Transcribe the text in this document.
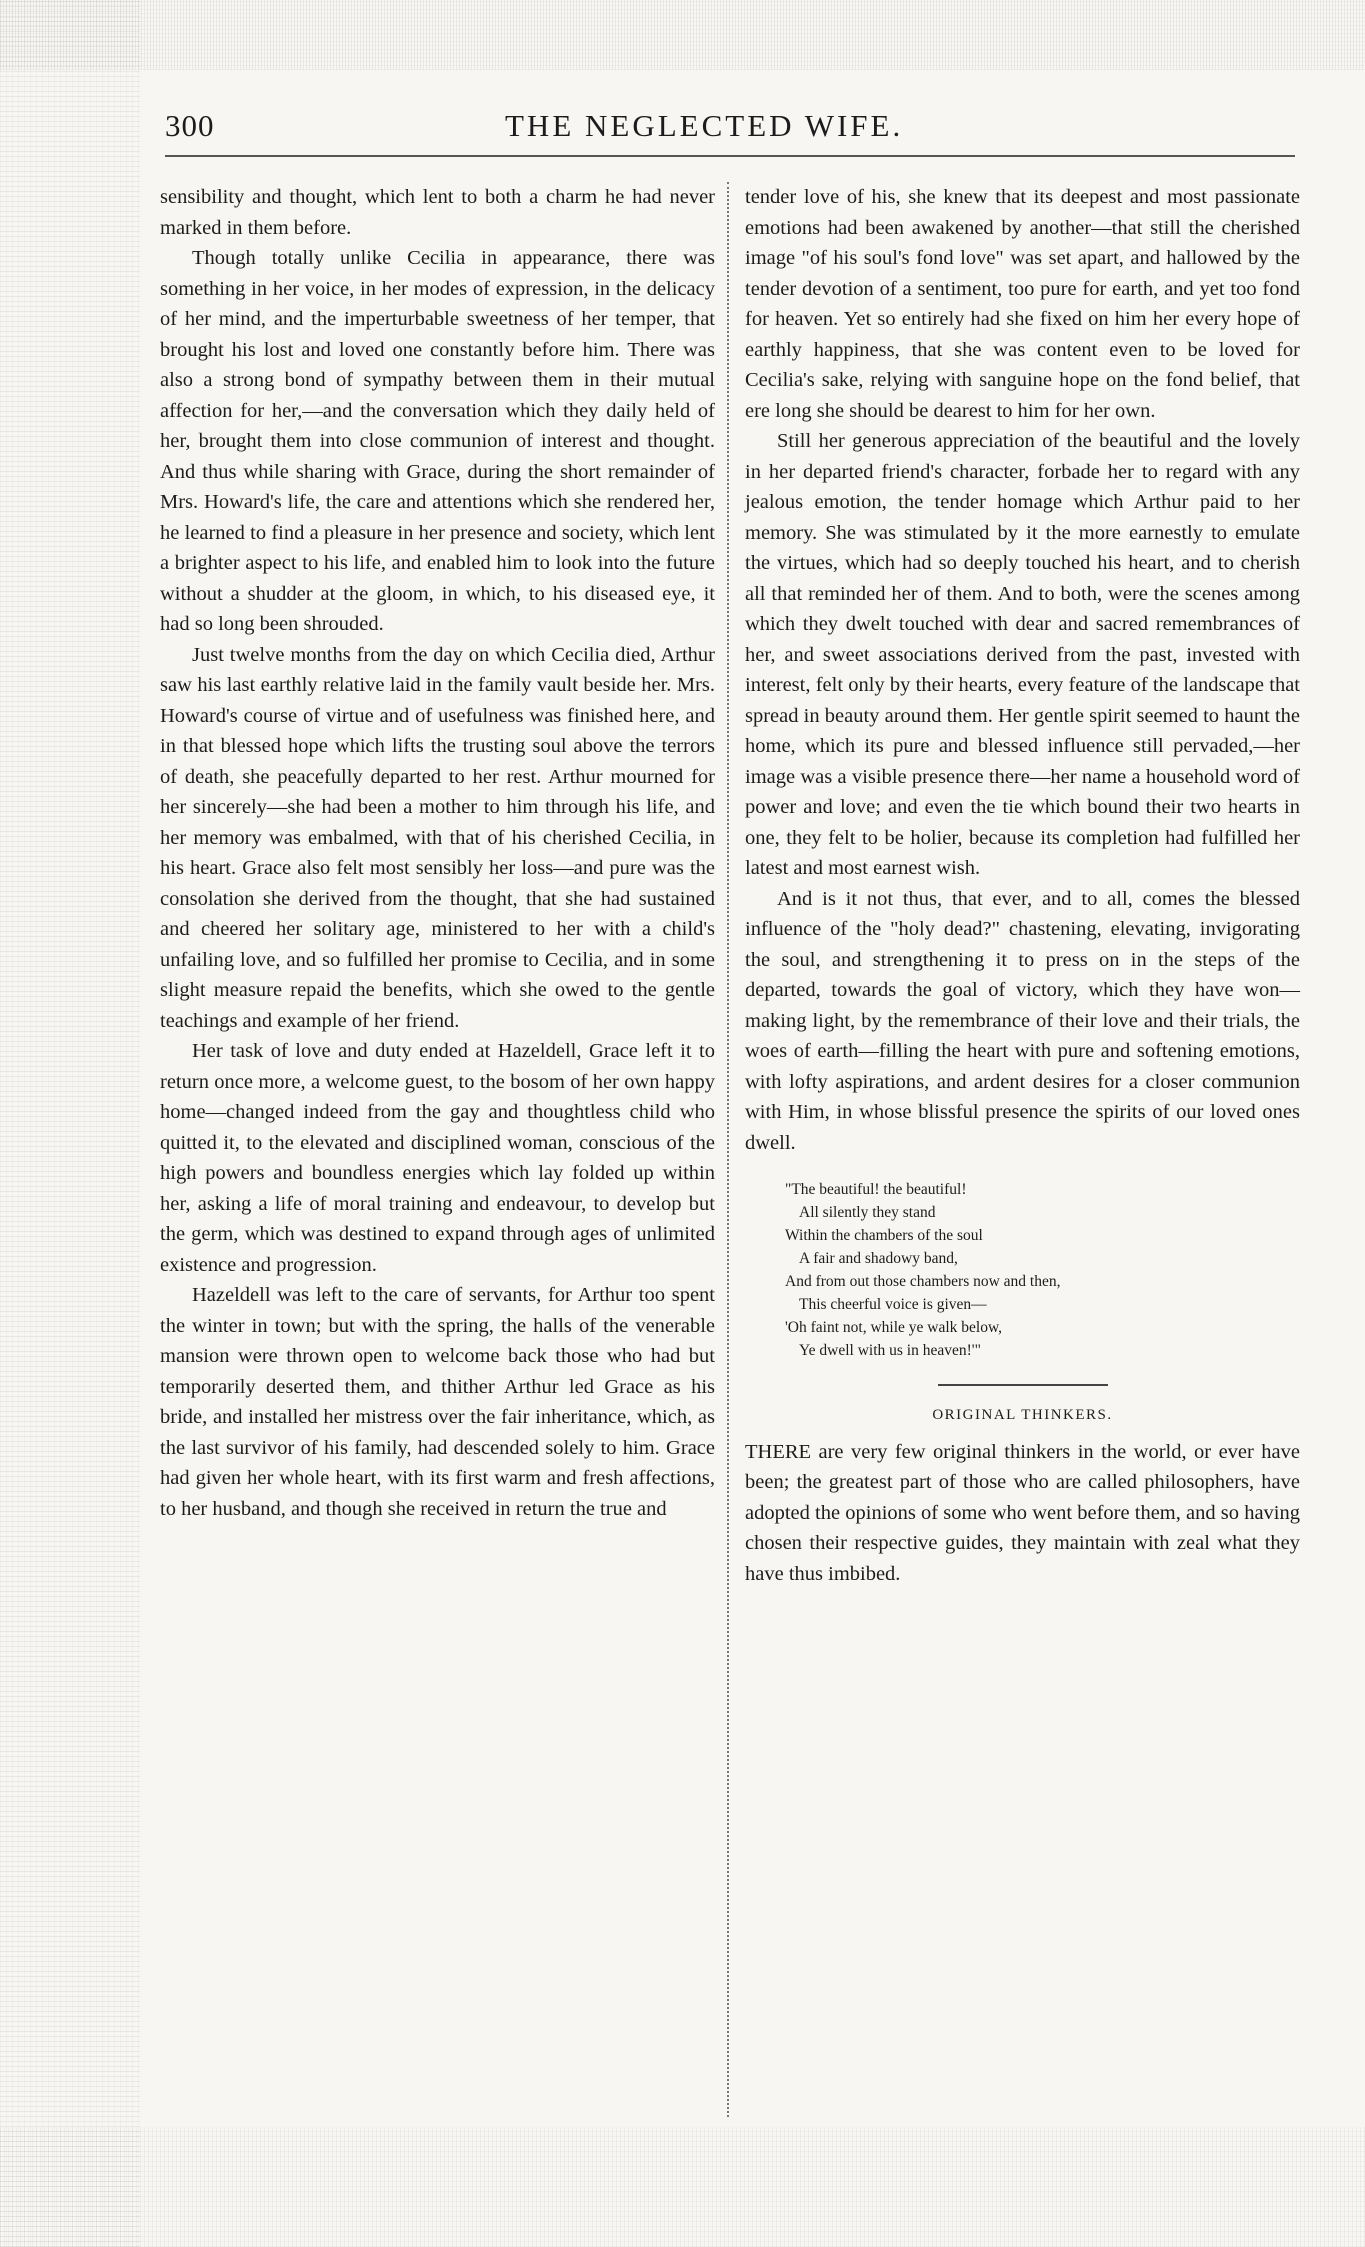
300	THE NEGLECTED WIFE.

sensibility and thought, which lent to both a charm he had never marked in them before.

Though totally unlike Cecilia in appearance, there was something in her voice, in her modes of expression, in the delicacy of her mind, and the imperturbable sweetness of her temper, that brought his lost and loved one constantly before him. There was also a strong bond of sympathy between them in their mutual affection for her,—and the conversation which they daily held of her, brought them into close communion of interest and thought. And thus while sharing with Grace, during the short remainder of Mrs. Howard's life, the care and attentions which she rendered her, he learned to find a pleasure in her presence and society, which lent a brighter aspect to his life, and enabled him to look into the future without a shudder at the gloom, in which, to his diseased eye, it had so long been shrouded.

Just twelve months from the day on which Cecilia died, Arthur saw his last earthly relative laid in the family vault beside her. Mrs. Howard's course of virtue and of usefulness was finished here, and in that blessed hope which lifts the trusting soul above the terrors of death, she peacefully departed to her rest. Arthur mourned for her sincerely—she had been a mother to him through his life, and her memory was embalmed, with that of his cherished Cecilia, in his heart. Grace also felt most sensibly her loss—and pure was the consolation she derived from the thought, that she had sustained and cheered her solitary age, ministered to her with a child's unfailing love, and so fulfilled her promise to Cecilia, and in some slight measure repaid the benefits, which she owed to the gentle teachings and example of her friend.

Her task of love and duty ended at Hazeldell, Grace left it to return once more, a welcome guest, to the bosom of her own happy home—changed indeed from the gay and thoughtless child who quitted it, to the elevated and disciplined woman, conscious of the high powers and boundless energies which lay folded up within her, asking a life of moral training and endeavour, to develop but the germ, which was destined to expand through ages of unlimited existence and progression.

Hazeldell was left to the care of servants, for Arthur too spent the winter in town; but with the spring, the halls of the venerable mansion were thrown open to welcome back those who had but temporarily deserted them, and thither Arthur led Grace as his bride, and installed her mistress over the fair inheritance, which, as the last survivor of his family, had descended solely to him. Grace had given her whole heart, with its first warm and fresh affections, to her husband, and though she received in return the true and

tender love of his, she knew that its deepest and most passionate emotions had been awakened by another—that still the cherished image "of his soul's fond love" was set apart, and hallowed by the tender devotion of a sentiment, too pure for earth, and yet too fond for heaven. Yet so entirely had she fixed on him her every hope of earthly happiness, that she was content even to be loved for Cecilia's sake, relying with sanguine hope on the fond belief, that ere long she should be dearest to him for her own.

Still her generous appreciation of the beautiful and the lovely in her departed friend's character, forbade her to regard with any jealous emotion, the tender homage which Arthur paid to her memory. She was stimulated by it the more earnestly to emulate the virtues, which had so deeply touched his heart, and to cherish all that reminded her of them. And to both, were the scenes among which they dwelt touched with dear and sacred remembrances of her, and sweet associations derived from the past, invested with interest, felt only by their hearts, every feature of the landscape that spread in beauty around them. Her gentle spirit seemed to haunt the home, which its pure and blessed influence still pervaded,—her image was a visible presence there—her name a household word of power and love; and even the tie which bound their two hearts in one, they felt to be holier, because its completion had fulfilled her latest and most earnest wish.

And is it not thus, that ever, and to all, comes the blessed influence of the "holy dead?" chastening, elevating, invigorating the soul, and strengthening it to press on in the steps of the departed, towards the goal of victory, which they have won—making light, by the remembrance of their love and their trials, the woes of earth—filling the heart with pure and softening emotions, with lofty aspirations, and ardent desires for a closer communion with Him, in whose blissful presence the spirits of our loved ones dwell.

"The beautiful! the beautiful!
All silently they stand
Within the chambers of the soul
A fair and shadowy band,
And from out those chambers now and then,
This cheerful voice is given—
'Oh faint not, while ye walk below,
Ye dwell with us in heaven!'"
ORIGINAL THINKERS.

THERE are very few original thinkers in the world, or ever have been; the greatest part of those who are called philosophers, have adopted the opinions of some who went before them, and so having chosen their respective guides, they maintain with zeal what they have thus imbibed.
